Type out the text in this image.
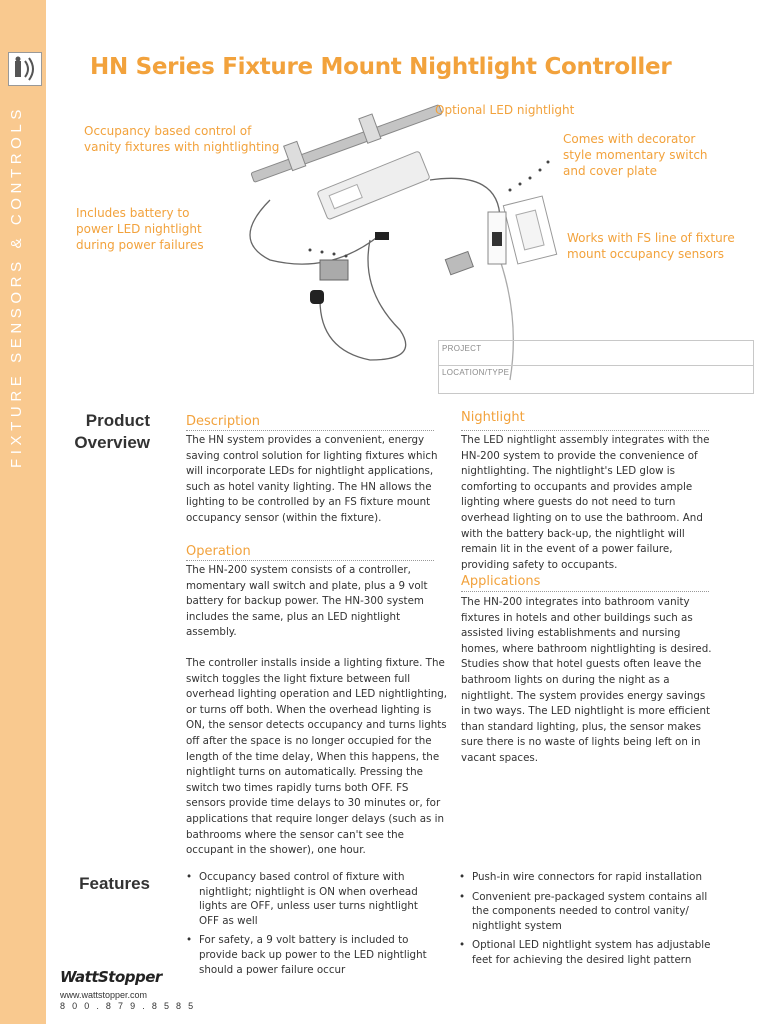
FIXTURE SENSORS & CONTROLS
HN Series Fixture Mount Nightlight Controller
Optional LED nightlight
Occupancy based control of
vanity fixtures with nightlighting
Comes with decorator
style momentary switch
and cover plate
Includes battery to
power LED nightlight
during power failures	Works with FS line of fixture
mount occupancy sensors
PROJECT
LOCATION/TYPE
Product
Overview
Description

The HN system provides a convenient, energy saving control solution for lighting fixtures which will incorporate LEDs for nightlight applications, such as hotel vanity lighting. The HN allows the lighting to be controlled by an FS fixture mount occupancy sensor (within the fixture).

Operation

The HN-200 system consists of a controller, momentary wall switch and plate, plus a 9 volt battery for backup power. The HN-300 system includes the same, plus an LED nightlight assembly.

The controller installs inside a lighting fixture. The switch toggles the light fixture between full overhead lighting operation and LED nightlighting, or turns off both. When the overhead lighting is ON, the sensor detects occupancy and turns lights off after the space is no longer occupied for the length of the time delay, When this happens, the nightlight turns on automatically. Pressing the switch two times rapidly turns both OFF. FS sensors provide time delays to 30 minutes or, for applications that require longer delays (such as in bathrooms where the sensor can't see the occupant in the shower), one hour.

Nightlight

The LED nightlight assembly integrates with the HN-200 system to provide the convenience of nightlighting. The nightlight's LED glow is comforting to occupants and provides ample lighting where guests do not need to turn overhead lighting on to use the bathroom. And with the battery back-up, the nightlight will remain lit in the event of a power failure, providing safety to occupants.

Applications

The HN-200 integrates into bathroom vanity fixtures in hotels and other buildings such as assisted living establishments and nursing homes, where bathroom nightlighting is desired. Studies show that hotel guests often leave the bathroom lights on during the night as a nightlight. The system provides energy savings in two ways. The LED nightlight is more efficient than standard lighting, plus, the sensor makes sure there is no waste of lights being left on in vacant spaces.

Features
•	Occupancy based control of fixture with nightlight; nightlight is ON when overhead lights are OFF, unless user turns nightlight OFF as well
• For safety, a 9 volt battery is included to provide back up power to the LED nightlight should a power failure occur
• Push-in wire connectors for rapid installation
• Convenient pre-packaged system contains all the components needed to control vanity/ nightlight system
• Optional LED nightlight system has adjustable feet for achieving the desired light pattern
WattStopper
www.wattstopper.com
8 0 0 . 8 7 9 . 8 5 8 5
